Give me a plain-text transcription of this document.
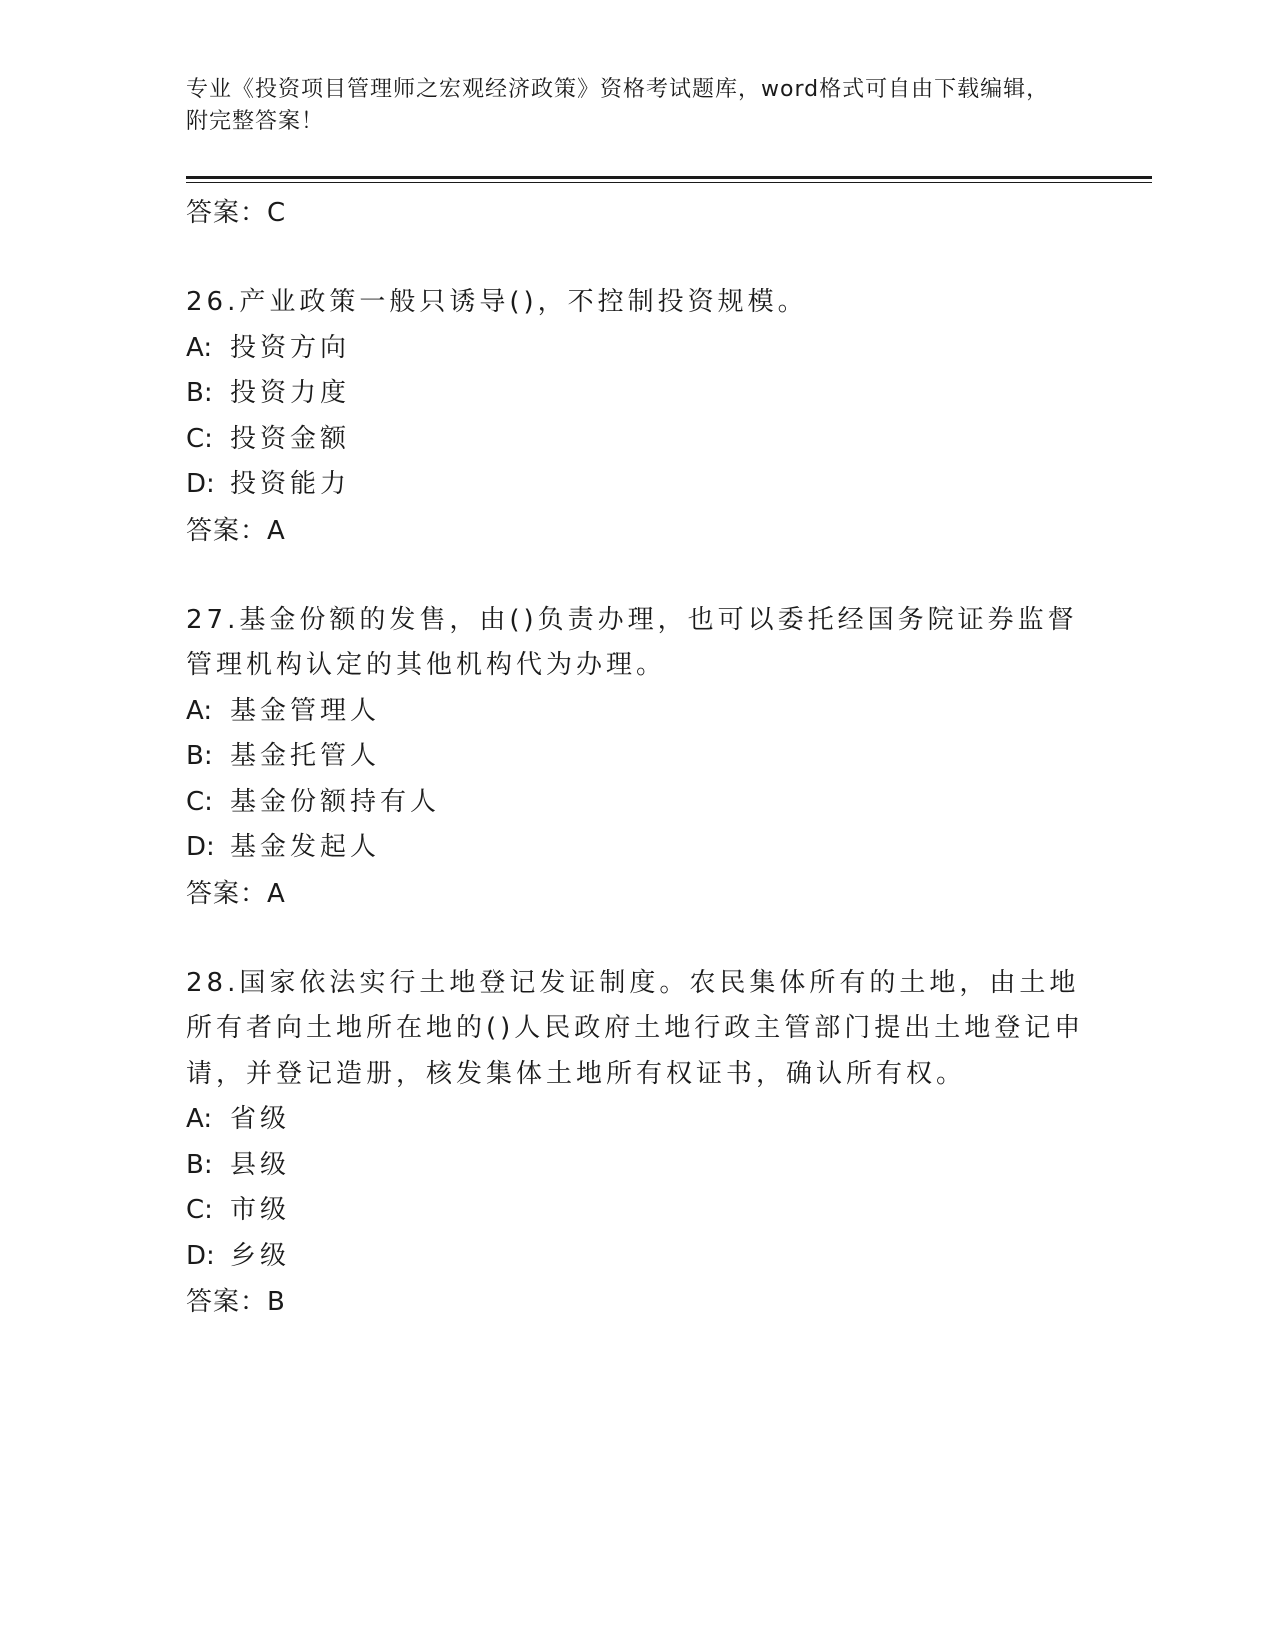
专业《投资项目管理师之宏观经济政策》资格考试题库，word格式可自由下载编辑，附完整答案！
答案：C
26.产业政策一般只诱导()，不控制投资规模。
A: 投资方向
B: 投资力度
C: 投资金额
D: 投资能力
答案：A
27.基金份额的发售，由()负责办理，也可以委托经国务院证券监督管理机构认定的其他机构代为办理。
A: 基金管理人
B: 基金托管人
C: 基金份额持有人
D: 基金发起人
答案：A
28.国家依法实行土地登记发证制度。农民集体所有的土地，由土地所有者向土地所在地的()人民政府土地行政主管部门提出土地登记申请，并登记造册，核发集体土地所有权证书，确认所有权。
A: 省级
B: 县级
C: 市级
D: 乡级
答案：B
